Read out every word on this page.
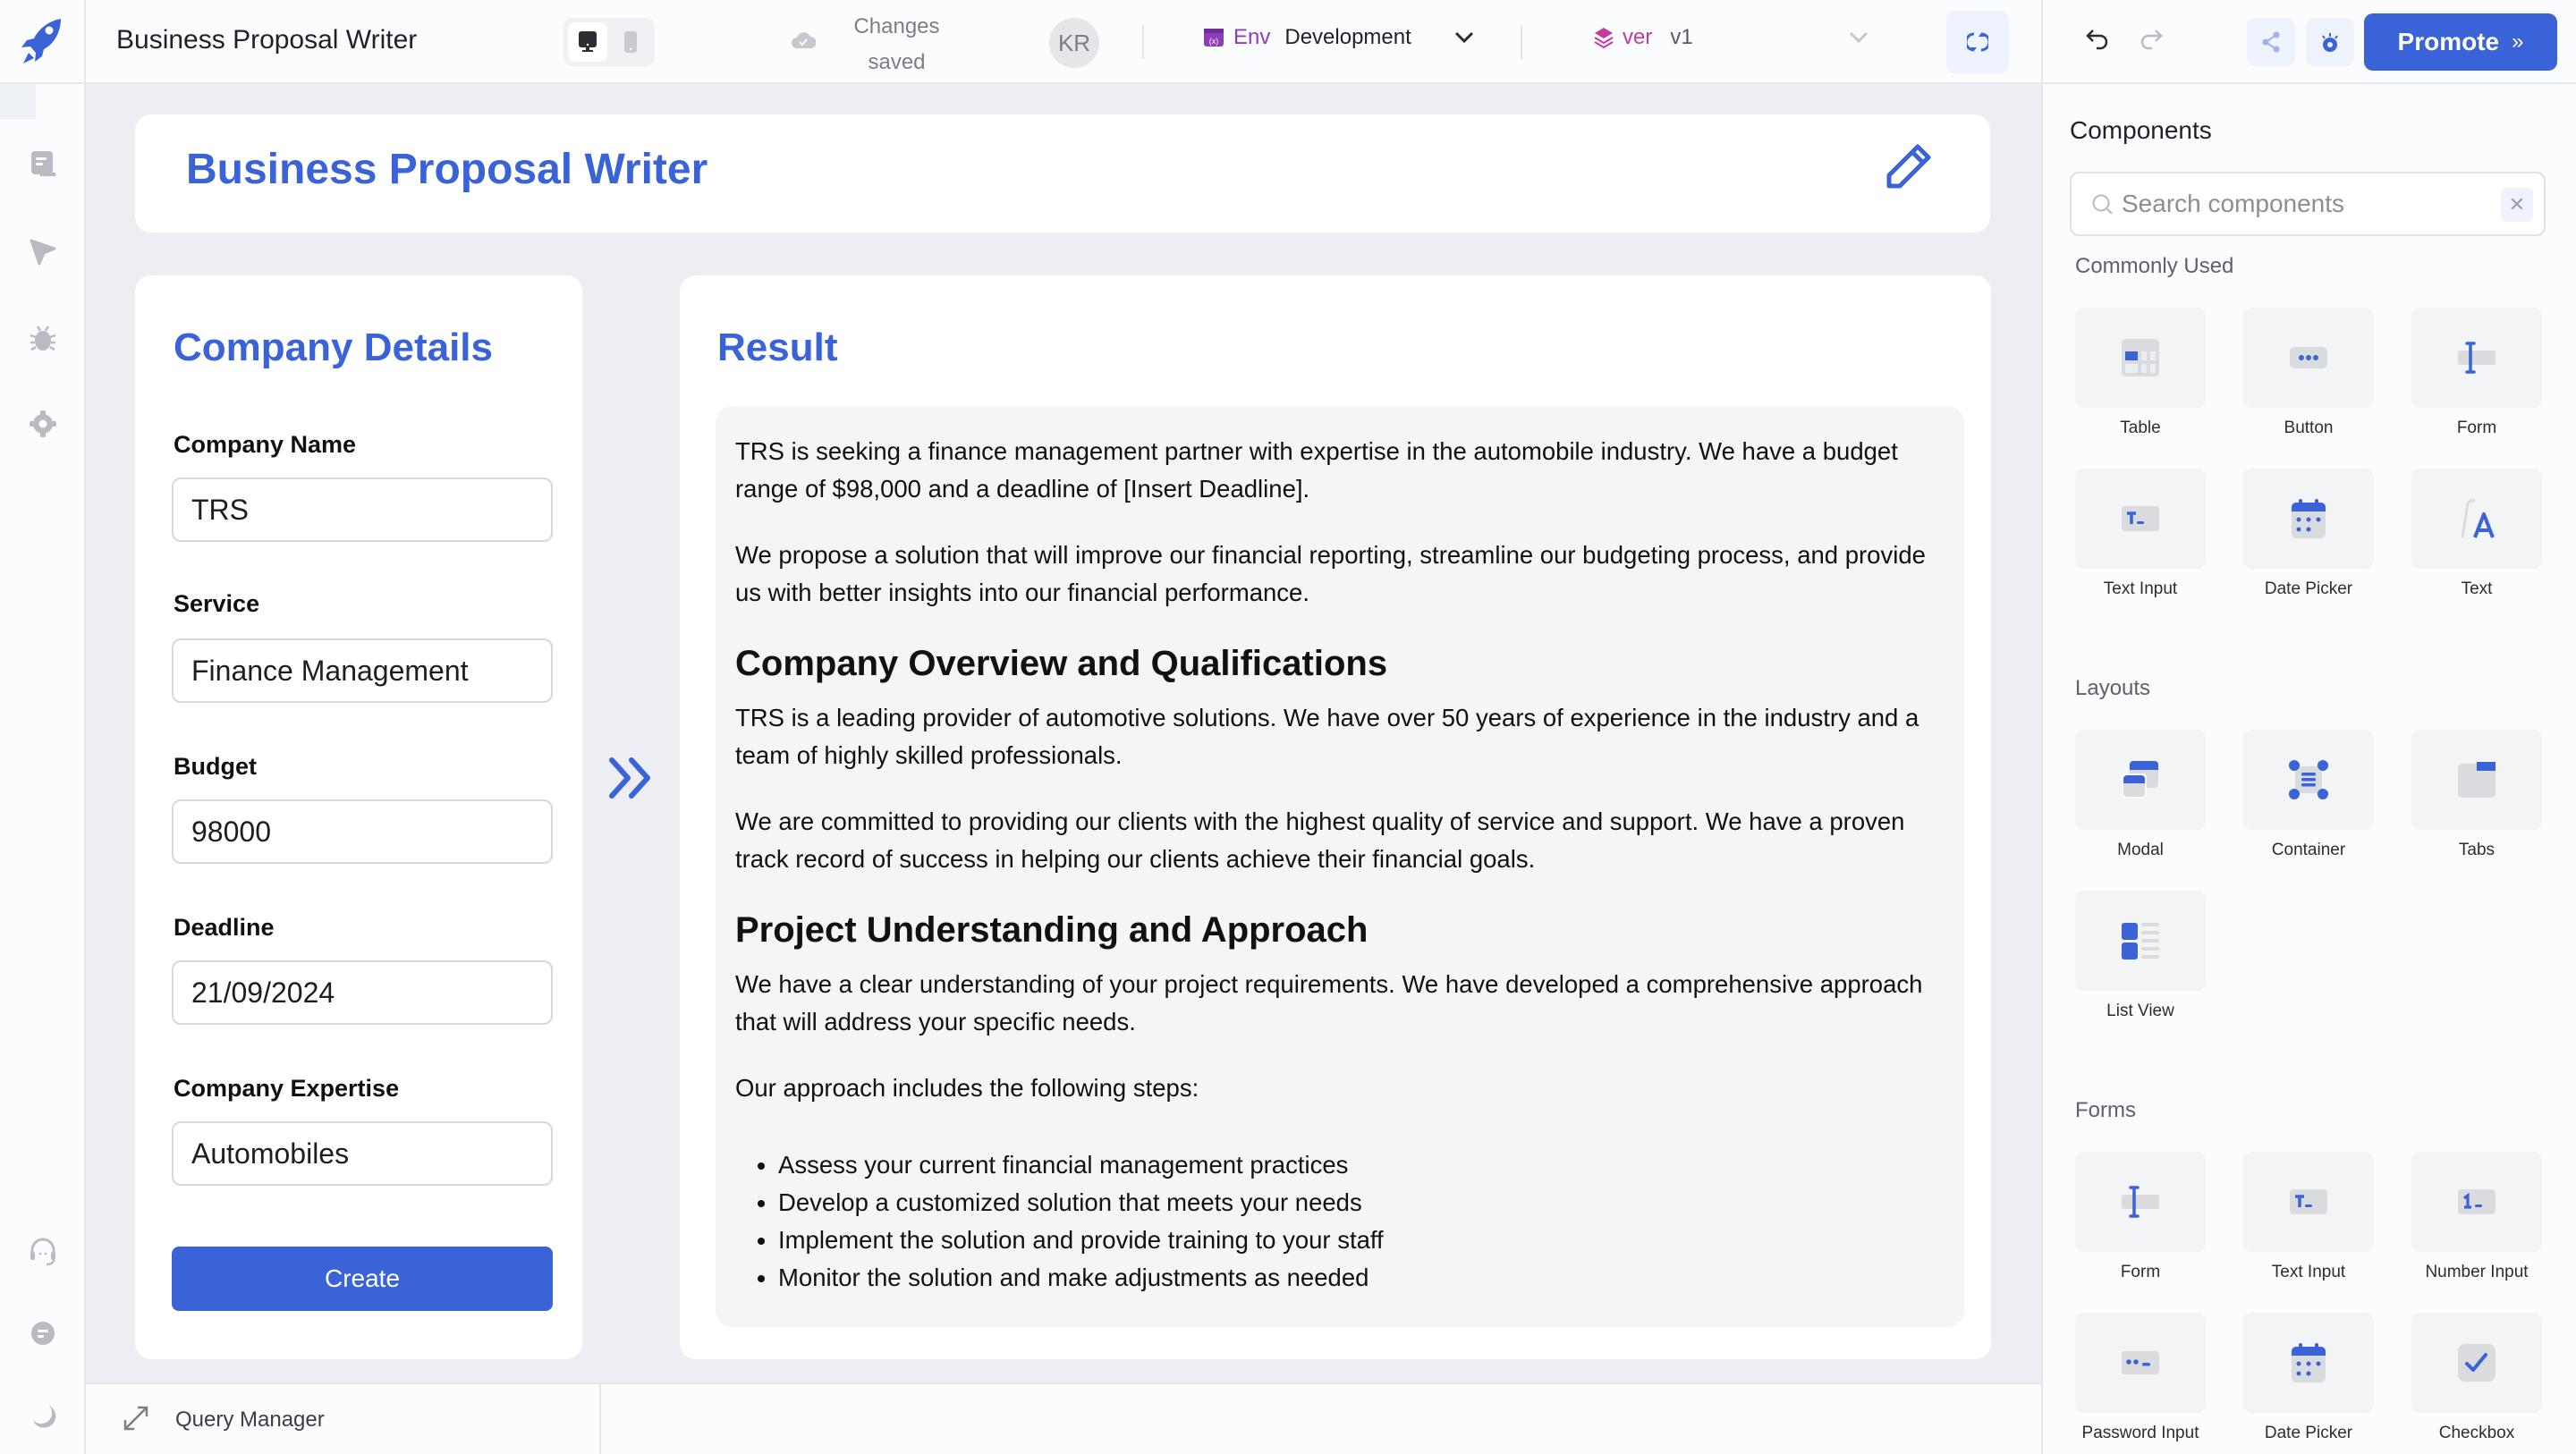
Business Proposal Writer	Changes saved
KR	(x) Env Development	ver v1	Promote »
Business Proposal Writer
Company Details
Company Name
TRS
Service
Finance Management
Budget
98000
Deadline
21/09/2024
Company Expertise
Automobiles
Create
Result

TRS is seeking a finance management partner with expertise in the automobile industry. We have a budget range of $98,000 and a deadline of [Insert Deadline].

We propose a solution that will improve our financial reporting, streamline our budgeting process, and provide us with better insights into our financial performance.

Company Overview and Qualifications

TRS is a leading provider of automotive solutions. We have over 50 years of experience in the industry and a team of highly skilled professionals.

We are committed to providing our clients with the highest quality of service and support. We have a proven track record of success in helping our clients achieve their financial goals.

Project Understanding and Approach

We have a clear understanding of your project requirements. We have developed a comprehensive approach that will address your specific needs.

Our approach includes the following steps:

• Assess your current financial management practices
• Develop a customized solution that meets your needs
• Implement the solution and provide training to your staff
• Monitor the solution and make adjustments as needed
Query Manager
Components
Search components
✕
Commonly Used
Table	Button	Form
Text Input	Date Picker	Text
Layouts
Modal	Container	Tabs
List View
Forms
Form	Text Input	Number Input
Password Input	Date Picker	Checkbox
